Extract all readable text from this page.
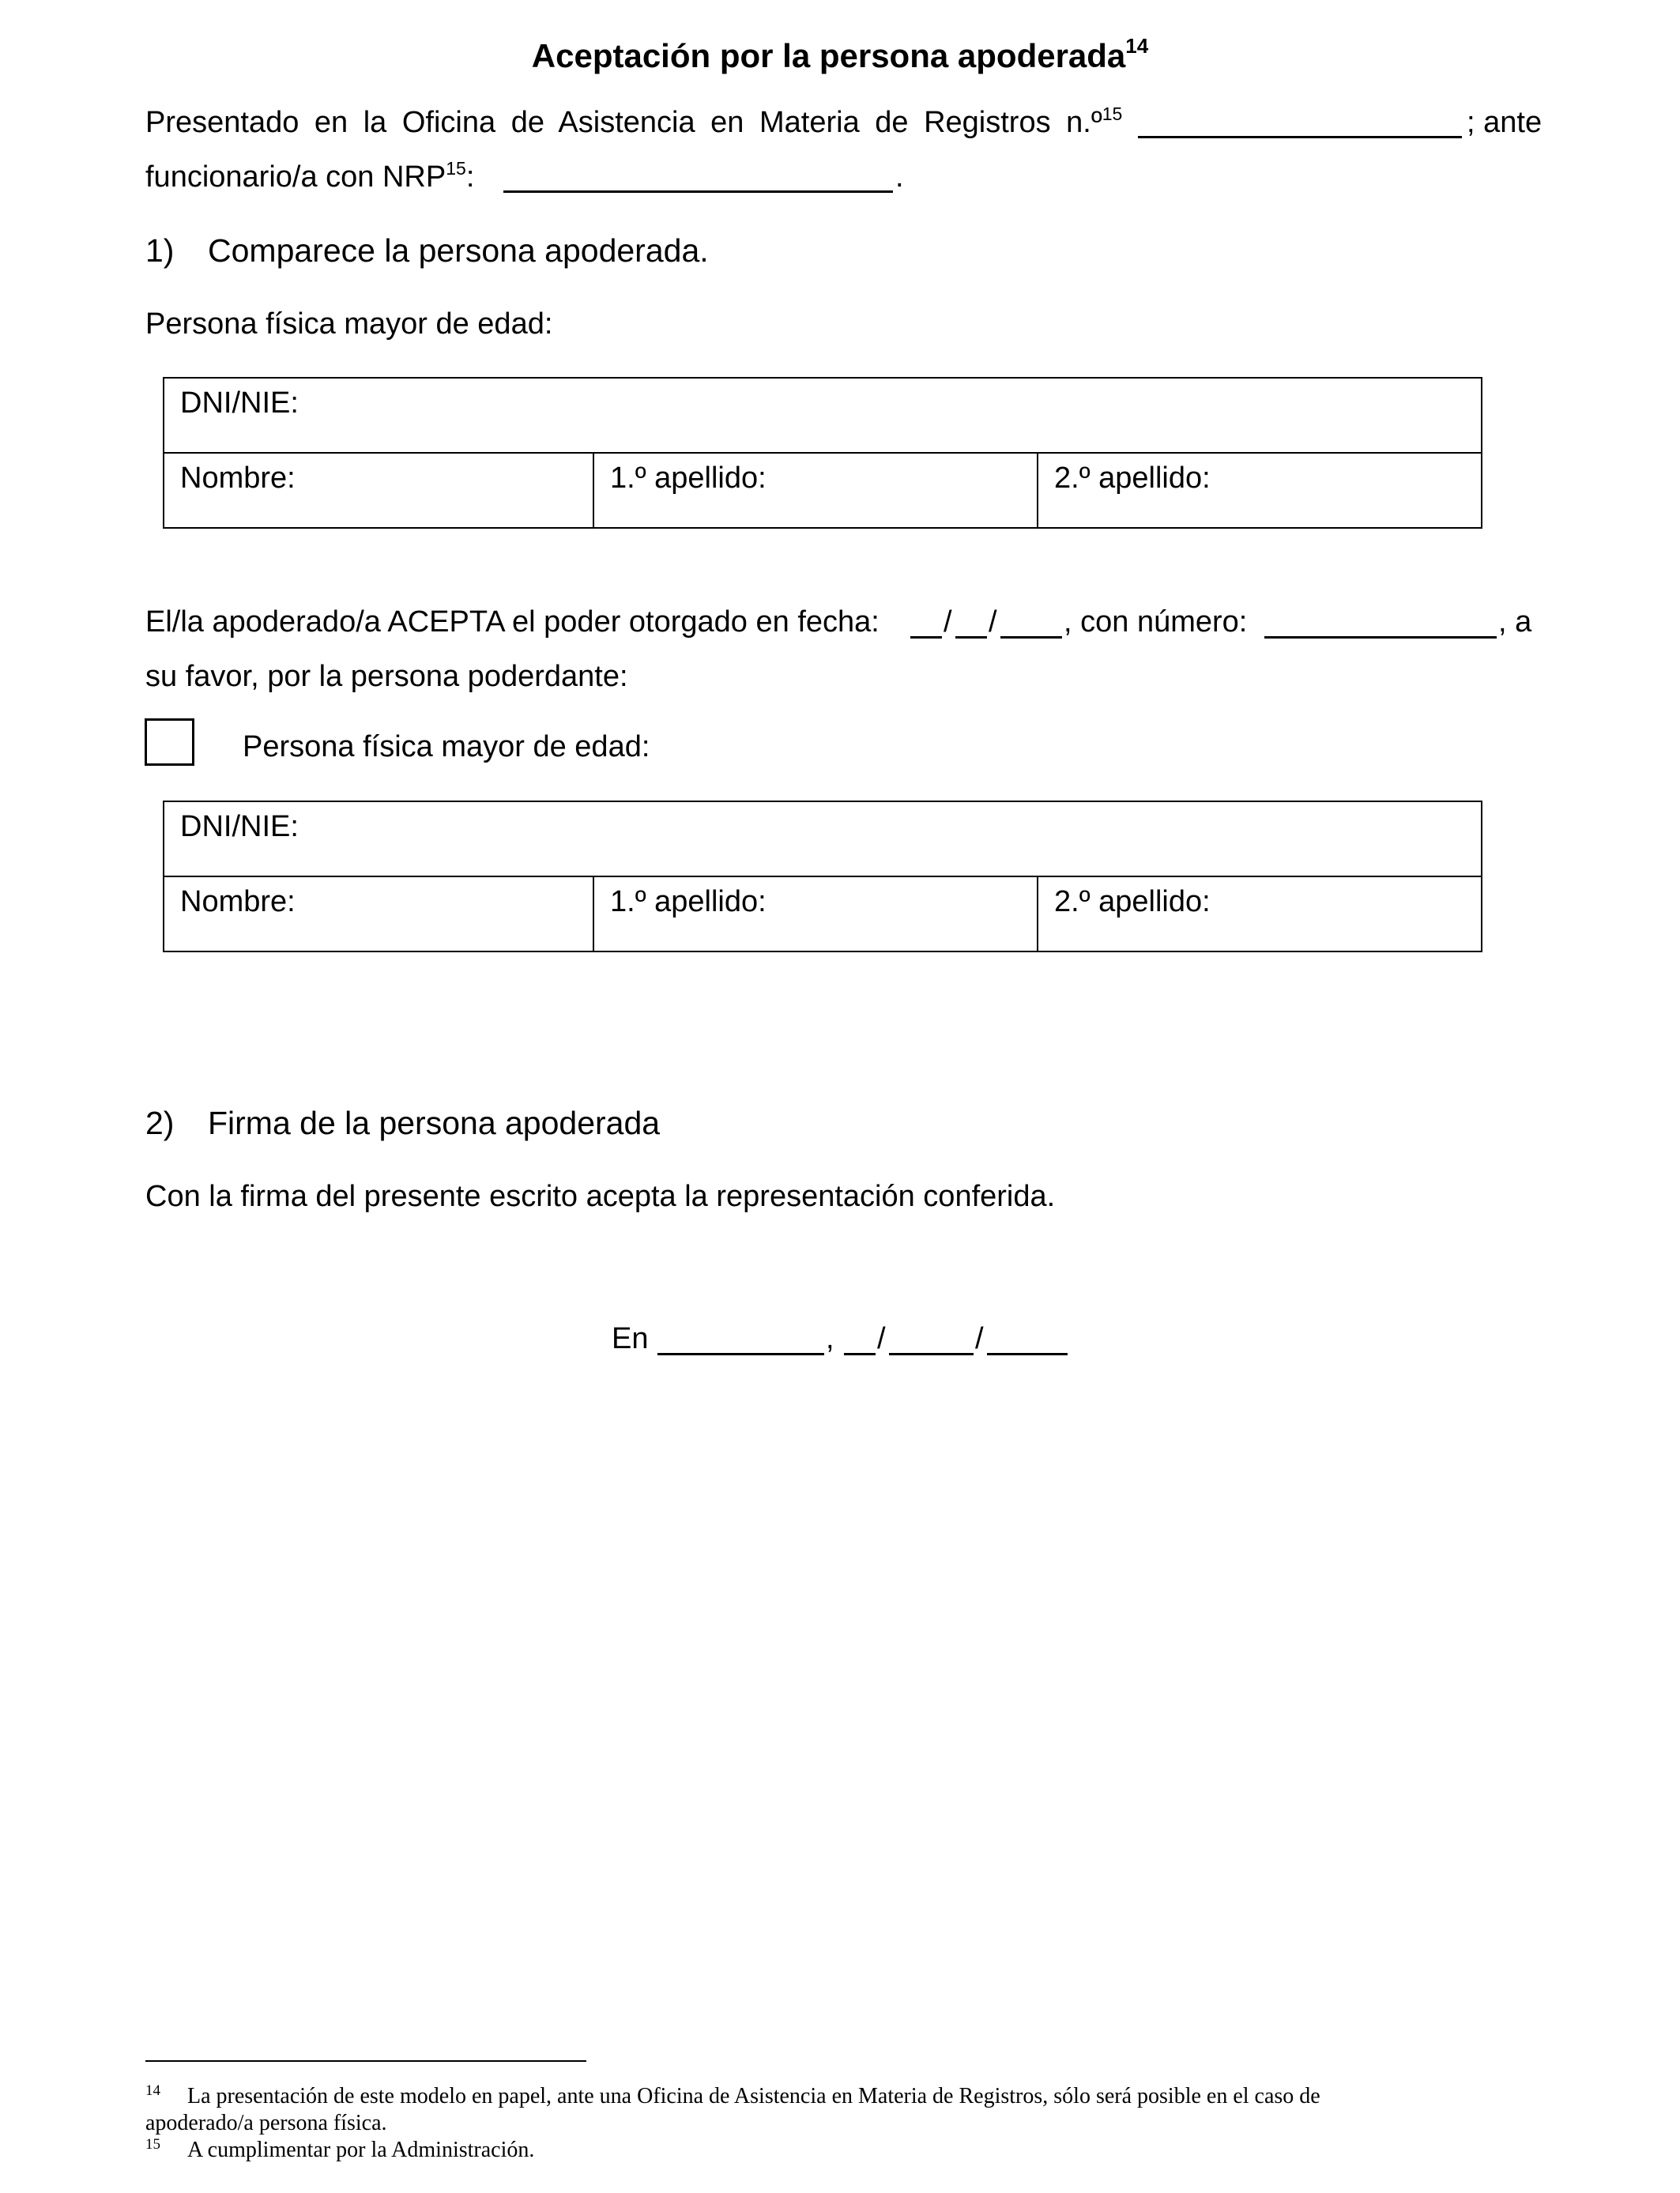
Aceptación por la persona apoderada$^{14}$
Presentado en la Oficina de Asistencia en Materia de Registros n.º$^{15}$	; ante
funcionario/a con NRP$^{15}$:	.
1) Comparece la persona apoderada.
Persona física mayor de edad:
DNI/NIE:
Nombre:	1.º apellido:	2.º apellido:
El/la apoderado/a ACEPTA el poder otorgado en fecha: / / , con número:	, a
su favor, por la persona poderdante:
Persona física mayor de edad:
DNI/NIE:
Nombre:	1.º apellido:	2.º apellido:
2) Firma de la persona apoderada
Con la firma del presente escrito acepta la representación conferida.
En	, /	/
$^{14}$ La presentación de este modelo en papel, ante una Oficina de Asistencia en Materia de Registros, sólo será posible en el caso de
apoderado/a persona física.
$^{15}$ A cumplimentar por la Administración.
